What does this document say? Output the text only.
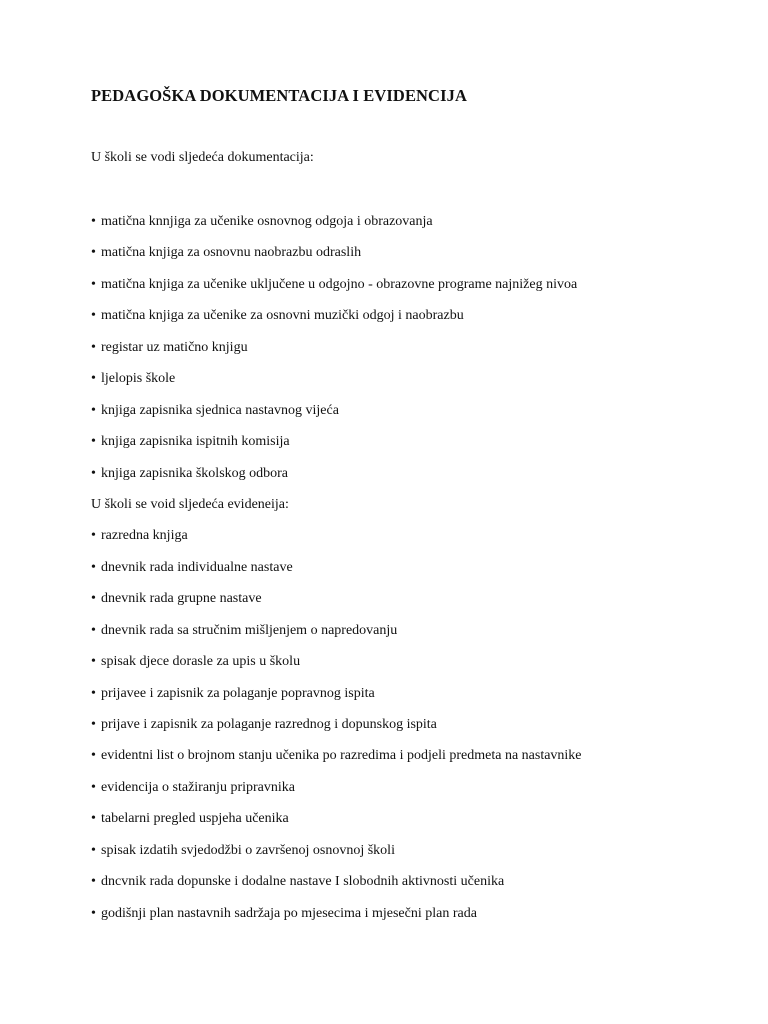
PEDAGOŠKA DOKUMENTACIJA I EVIDENCIJA

U školi se vodi sljedeća dokumentacija:

• matična knnjiga za učenike osnovnog odgoja i obrazovanja
• matična knjiga za osnovnu naobrazbu odraslih
• matična knjiga za učenike uključene u odgojno - obrazovne programe najnižeg nivoa
• matična knjiga za učenike za osnovni muzički odgoj i naobrazbu
• registar uz matično knjigu
• ljelopis škole
• knjiga zapisnika sjednica nastavnog vijeća
• knjiga zapisnika ispitnih komisija
• knjiga zapisnika školskog odbora
U školi se void sljedeća evideneija:
• razredna knjiga
• dnevnik rada individualne nastave
• dnevnik rada grupne nastave
• dnevnik rada sa stručnim mišljenjem o napredovanju
• spisak djece dorasle za upis u školu
• prijavee i zapisnik za polaganje popravnog ispita
• prijave i zapisnik za polaganje razrednog i dopunskog ispita
• evidentni list o brojnom stanju učenika po razredima i podjeli predmeta na nastavnike
• evidencija o stažiranju pripravnika
• tabelarni pregled uspjeha učenika
• spisak izdatih svjedodžbi o završenoj osnovnoj školi
• dncvnik rada dopunske i dodalne nastave I slobodnih aktivnosti učenika
• godišnji plan nastavnih sadržaja po mjesecima i mjesečni plan rada
